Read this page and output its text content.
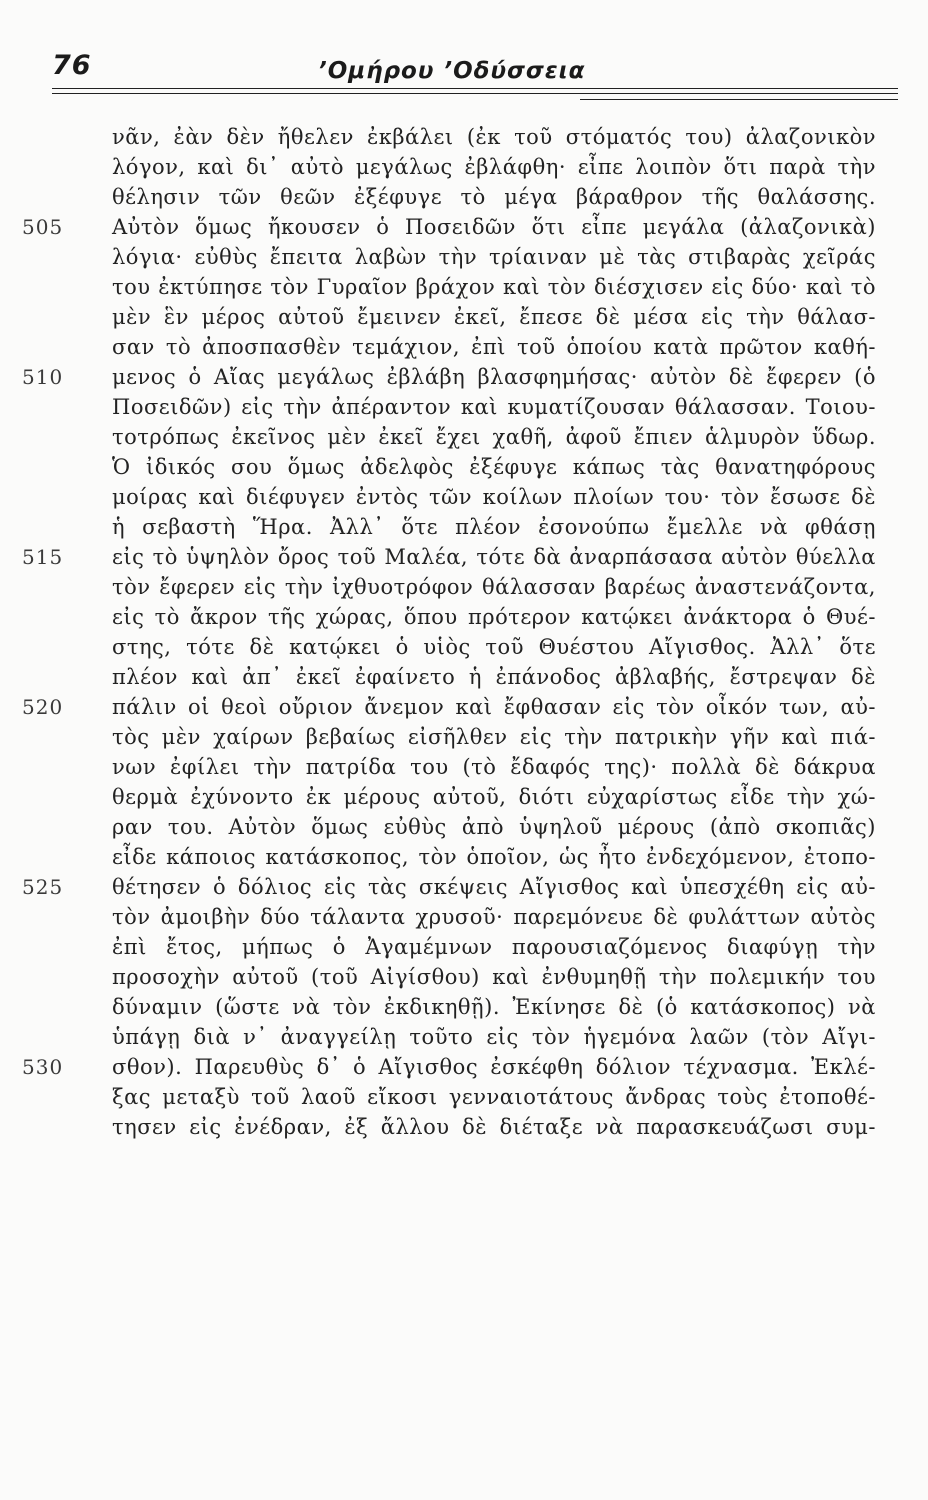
76	’Ομήρου ’Οδύσσεια
νᾶν, ἐὰν δὲν ἤθελεν ἐκβάλει (ἐκ τοῦ στόματός του) ἀλαζονικὸν
λόγον, καὶ δι᾽ αὐτὸ μεγάλως ἐβλάφθη· εἶπε λοιπὸν ὅτι παρὰ τὴν
θέλησιν τῶν θεῶν ἐξέφυγε τὸ μέγα βάραθρον τῆς θαλάσσης.
505	Αὐτὸν ὅμως ἤκουσεν ὁ Ποσειδῶν ὅτι εἶπε μεγάλα (ἀλαζονικὰ)
λόγια· εὐθὺς ἔπειτα λαβὼν τὴν τρίαιναν μὲ τὰς στιβαρὰς χεῖράς
του ἐκτύπησε τὸν Γυραῖον βράχον καὶ τὸν διέσχισεν εἰς δύο· καὶ τὸ
μὲν ἓν μέρος αὐτοῦ ἔμεινεν ἐκεῖ, ἔπεσε δὲ μέσα εἰς τὴν θάλασ-
σαν τὸ ἀποσπασθὲν τεμάχιον, ἐπὶ τοῦ ὁποίου κατὰ πρῶτον καθή-
510	μενος ὁ Αἴας μεγάλως ἐβλάβη βλασφημήσας· αὐτὸν δὲ ἔφερεν (ὁ
Ποσειδῶν) εἰς τὴν ἀπέραντον καὶ κυματίζουσαν θάλασσαν. Τοιου-
τοτρόπως ἐκεῖνος μὲν ἐκεῖ ἔχει χαθῆ, ἀφοῦ ἔπιεν ἁλμυρὸν ὕδωρ.
Ὁ ἰδικός σου ὅμως ἀδελφὸς ἐξέφυγε κάπως τὰς θανατηφόρους
μοίρας καὶ διέφυγεν ἐντὸς τῶν κοίλων πλοίων του· τὸν ἔσωσε δὲ
ἡ σεβαστὴ Ἥρα. Ἀλλ᾽ ὅτε πλέον ἐσονούπω ἔμελλε νὰ φθάσῃ
515	εἰς τὸ ὑψηλὸν ὄρος τοῦ Μαλέα, τότε δὰ ἀναρπάσασα αὐτὸν θύελλα
τὸν ἔφερεν εἰς τὴν ἰχθυοτρόφον θάλασσαν βαρέως ἀναστενάζοντα,
εἰς τὸ ἄκρον τῆς χώρας, ὅπου πρότερον κατῴκει ἀνάκτορα ὁ Θυέ-
στης, τότε δὲ κατῴκει ὁ υἱὸς τοῦ Θυέστου Αἴγισθος. Ἀλλ᾽ ὅτε
πλέον καὶ ἀπ᾽ ἐκεῖ ἐφαίνετο ἡ ἐπάνοδος ἀβλαβής, ἔστρεψαν δὲ
520	πάλιν οἱ θεοὶ οὔριον ἄνεμον καὶ ἔφθασαν εἰς τὸν οἶκόν των, αὐ-
τὸς μὲν χαίρων βεβαίως εἰσῆλθεν εἰς τὴν πατρικὴν γῆν καὶ πιά-
νων ἐφίλει τὴν πατρίδα του (τὸ ἔδαφός της)· πολλὰ δὲ δάκρυα
θερμὰ ἐχύνοντο ἐκ μέρους αὐτοῦ, διότι εὐχαρίστως εἶδε τὴν χώ-
ραν του. Αὐτὸν ὅμως εὐθὺς ἀπὸ ὑψηλοῦ μέρους (ἀπὸ σκοπιᾶς)
εἶδε κάποιος κατάσκοπος, τὸν ὁποῖον, ὡς ἦτο ἐνδεχόμενον, ἐτοπο-
525	θέτησεν ὁ δόλιος εἰς τὰς σκέψεις Αἴγισθος καὶ ὑπεσχέθη εἰς αὐ-
τὸν ἀμοιβὴν δύο τάλαντα χρυσοῦ· παρεμόνευε δὲ φυλάττων αὐτὸς
ἐπὶ ἔτος, μήπως ὁ Ἀγαμέμνων παρουσιαζόμενος διαφύγῃ τὴν
προσοχὴν αὐτοῦ (τοῦ Αἰγίσθου) καὶ ἐνθυμηθῇ τὴν πολεμικήν του
δύναμιν (ὥστε νὰ τὸν ἐκδικηθῇ). Ἐκίνησε δὲ (ὁ κατάσκοπος) νὰ
ὑπάγῃ διὰ ν᾽ ἀναγγείλῃ τοῦτο εἰς τὸν ἡγεμόνα λαῶν (τὸν Αἴγι-
530	σθον). Παρευθὺς δ᾽ ὁ Αἴγισθος ἐσκέφθη δόλιον τέχνασμα. Ἐκλέ-
ξας μεταξὺ τοῦ λαοῦ εἴκοσι γενναιοτάτους ἄνδρας τοὺς ἐτοποθέ-
τησεν εἰς ἐνέδραν, ἐξ ἄλλου δὲ διέταξε νὰ παρασκευάζωσι συμ-
